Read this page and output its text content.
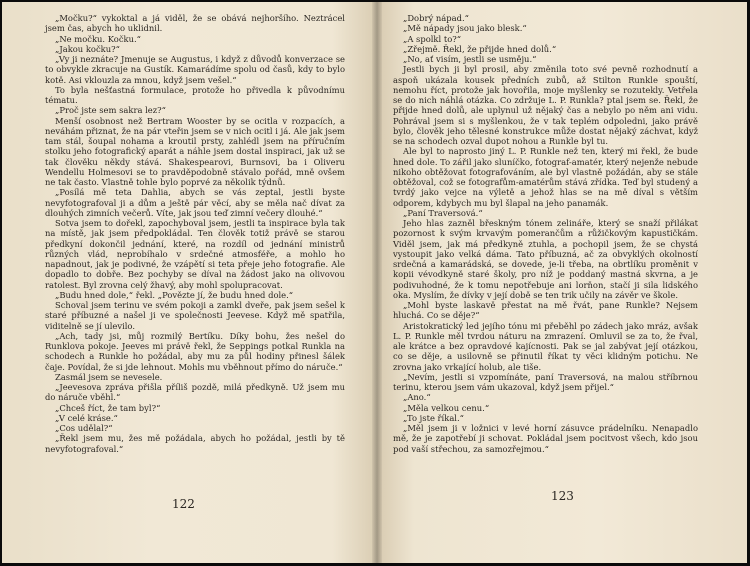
„Močku?“ vykoktal a já viděl, že se obává nejhoršího. Neztrácel jsem čas, abych ho uklidnil.

„Ne močku. Kočku.“

„Jakou kočku?“

„Vy ji neznáte? Jmenuje se Augustus, i když z důvodů konverzace se to obvykle zkracuje na Gustík. Kamarádíme spolu od časů, kdy to bylo kotě. Asi vklouzla za mnou, když jsem vešel.“

To byla nešťastná formulace, protože ho přivedla k původnímu tématu.

„Proč jste sem sakra lez?“

Menší osobnost než Bertram Wooster by se ocitla v rozpacích, a neváhám přiznat, že na pár vteřin jsem se v nich ocitl i já. Ale jak jsem tam stál, šoupal nohama a kroutil prsty, zahlédl jsem na příručním stolku jeho fotografický aparát a náhle jsem dostal inspiraci, jak už se tak člověku někdy stává. Shakespearovi, Burnsovi, ba i Oliveru Wendellu Holmesovi se to pravděpodobně stávalo pořád, mně ovšem ne tak často. Vlastně tohle bylo poprvé za několik týdnů.

„Posílá mě teta Dahlia, abych se vás zeptal, jestli byste nevyfotografoval ji a dům a ještě pár věcí, aby se měla nač dívat za dlouhých zimních večerů. Víte, jak jsou teď zimní večery dlouhé.“

Sotva jsem to dořekl, zapochyboval jsem, jestli ta inspirace byla tak na místě, jak jsem předpokládal. Ten člověk totiž právě se starou předkyní dokončil jednání, které, na rozdíl od jednání ministrů různých vlád, neprobíhalo v srdečné atmosféře, a mohlo ho napadnout, jak je podivné, že vzápětí si teta přeje jeho fotografie. Ale dopadlo to dobře. Bez pochyby se díval na žádost jako na olivovou ratolest. Byl zrovna celý žhavý, aby mohl spolupracovat.

„Budu hned dole,“ řekl. „Povězte jí, že budu hned dole.“

Schoval jsem terinu ve svém pokoji a zamkl dveře, pak jsem sešel k staré příbuzné a našel ji ve společnosti Jeevese. Když mě spatřila, viditelně se jí ulevilo.

„Ach, tady jsi, můj rozmilý Bertíku. Díky bohu, žes nešel do Runklova pokoje. Jeeves mi právě řekl, že Seppings potkal Runkla na schodech a Runkle ho požádal, aby mu za půl hodiny přinesl šálek čaje. Povídal, že si jde lehnout. Mohls mu vběhnout přímo do náruče.“

Zasmál jsem se nevesele.

„Jeevesova zpráva přišla příliš pozdě, milá předkyně. Už jsem mu do náruče vběhl.“

„Chceš říct, že tam byl?“

„V celé kráse.“

„Cos udělal?“

„Řekl jsem mu, žes mě požádala, abych ho požádal, jestli by tě nevyfotografoval.“

122

„Dobrý nápad.“

„Mě nápady jsou jako blesk.“

„A spolkl to?“

„Zřejmě. Řekl, že přijde hned dolů.“

„No, ať visím, jestli se usměju.“

Jestli bych ji byl prosil, aby změnila toto své pevně rozhodnutí a aspoň ukázala kousek předních zubů, až Stilton Runkle spouští, nemohu říct, protože jak hovořila, moje myšlenky se rozutekly. Vetřela se do nich náhlá otázka. Co zdržuje L. P. Runkla? ptal jsem se. Řekl, že přijde hned dolů, ale uplynul už nějaký čas a nebylo po něm ani vidu. Pohrával jsem si s myšlenkou, že v tak teplém odpoledni, jako právě bylo, člověk jeho tělesné konstrukce může dostat nějaký záchvat, když se na schodech ozval dupot nohou a Runkle byl tu.

Ale byl to naprosto jiný L. P. Runkle než ten, který mi řekl, že bude hned dole. To zářil jako sluníčko, fotograf-amatér, který nejenže nebude nikoho obtěžovat fotografováním, ale byl vlastně požádán, aby se stále obtěžoval, což se fotografům-amatérům stává zřídka. Teď byl studený a tvrdý jako vejce na výletě a jehož hlas se na mě díval s větším odporem, kdybych mu byl šlapal na jeho panamák.

„Paní Traversová.“

Jeho hlas zazněl břeskným tónem zelináře, který se snaží přilákat pozornost k svým krvavým pomerančům a růžičkovým kapustičkám. Viděl jsem, jak má předkyně ztuhla, a pochopil jsem, že se chystá vystoupit jako velká dáma. Tato příbuzná, ač za obvyklých okolností srdečná a kamarádská, se dovede, je-li třeba, na obrtlíku proměnit v kopii vévodkyně staré školy, pro níž je poddaný mastná skvrna, a je podivuhodné, že k tomu nepotřebuje ani lorňon, stačí ji sila lidského oka. Myslím, že dívky v její době se ten trik učily na závěr ve škole.

„Mohl byste laskavě přestat na mě řvát, pane Runkle? Nejsem hluchá. Co se děje?“

Aristokratický led jejího tónu mi přeběhl po zádech jako mráz, avšak L. P. Runkle měl tvrdou náturu na zmrazení. Omluvil se za to, že řval, ale krátce a bez opravdové kajícnosti. Pak se jal zabývat její otázkou, co se děje, a usilovně se přinutil říkat ty věci klidným potichu. Ne zrovna jako vrkající holub, ale tiše.

„Nevím, jestli si vzpomínáte, paní Traversová, na malou stříbrnou terinu, kterou jsem vám ukazoval, když jsem přijel.“

„Ano.“

„Měla velkou cenu.“

„To jste říkal.“

„Měl jsem ji v ložnici v levé horní zásuvce prádelníku. Nenapadlo mě, že je zapotřebí ji schovat. Pokládal jsem pocitvost všech, kdo jsou pod vaší střechou, za samozřejmou.“

123
